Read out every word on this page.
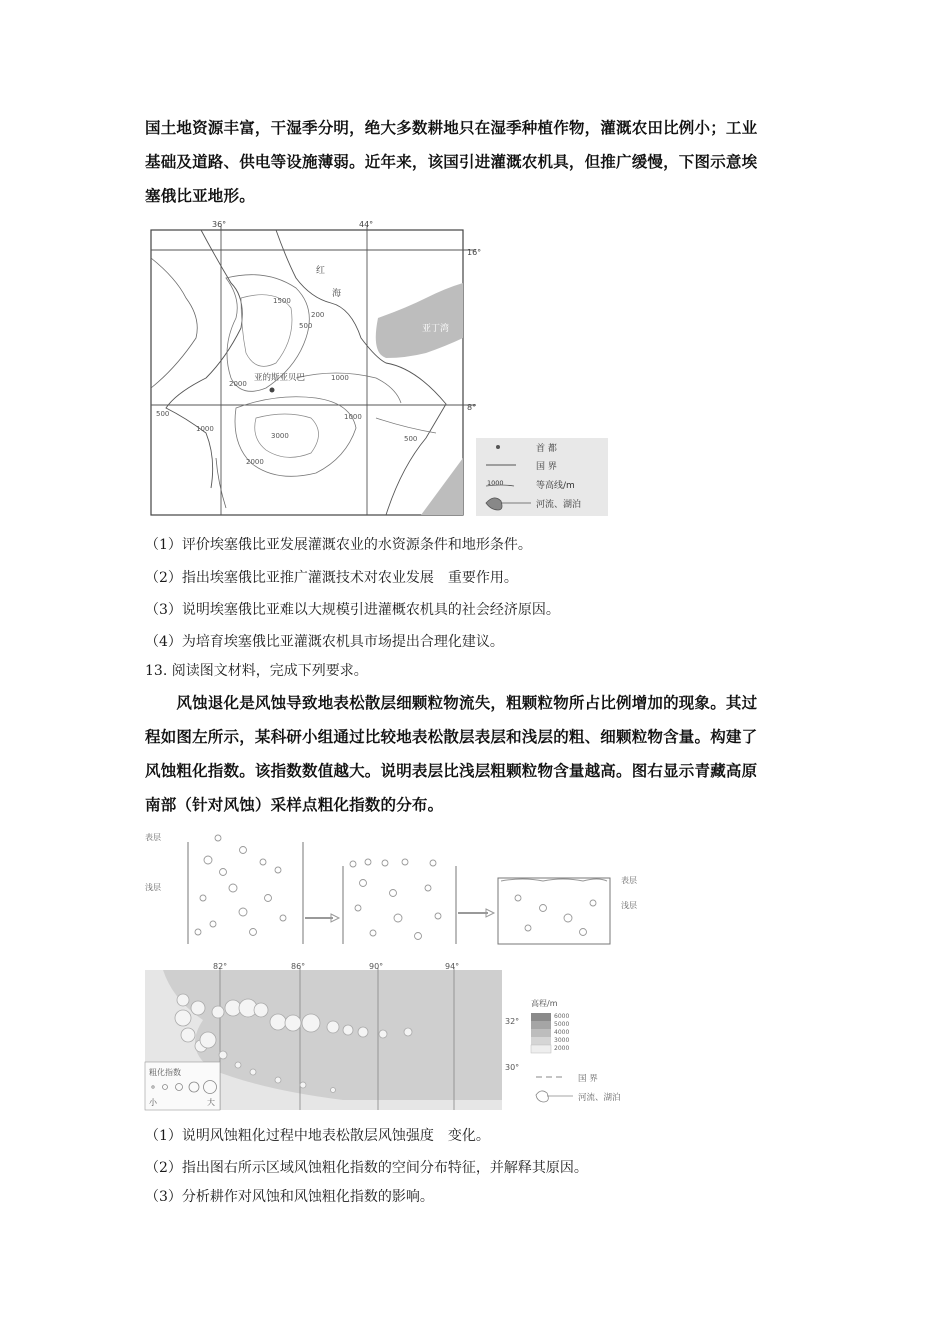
国土地资源丰富，干湿季分明，绝大多数耕地只在湿季种植作物，灌溉农田比例小；工业
基础及道路、供电等设施薄弱。近年来，该国引进灌溉农机具，但推广缓慢，下图示意埃
塞俄比亚地形。
36°	44°
16°
8°
红
海
亚丁湾
亚的斯亚贝巴
1500
200
500
2000
1000
500
1000
1000
3000
2000
500
首 都
国 界
1000	等高线/m
河流、湖泊
（1）评价埃塞俄比亚发展灌溉农业的水资源条件和地形条件。
（2）指出埃塞俄比亚推广灌溉技术对农业发展　重要作用。
（3）说明埃塞俄比亚难以大规模引进灌概农机具的社会经济原因。
（4）为培育埃塞俄比亚灌溉农机具市场提出合理化建议。
13. 阅读图文材料，完成下列要求。
　　风蚀退化是风蚀导致地表松散层细颗粒物流失，粗颗粒物所占比例增加的现象。其过
程如图左所示，某科研小组通过比较地表松散层表层和浅层的粗、细颗粒物含量。构建了
风蚀粗化指数。该指数数值越大。说明表层比浅层粗颗粒物含量越高。图右显示青藏高原
南部（针对风蚀）采样点粗化指数的分布。
表层
浅层
表层
浅层
82°	86°	90°	94°
32°
30°
粗化指数
小	大
高程/m
6000
5000
4000
3000
2000
国 界
河流、湖泊
（1）说明风蚀粗化过程中地表松散层风蚀强度　变化。
（2）指出图右所示区域风蚀粗化指数的空间分布特征，并解释其原因。
（3）分析耕作对风蚀和风蚀粗化指数的影响。
